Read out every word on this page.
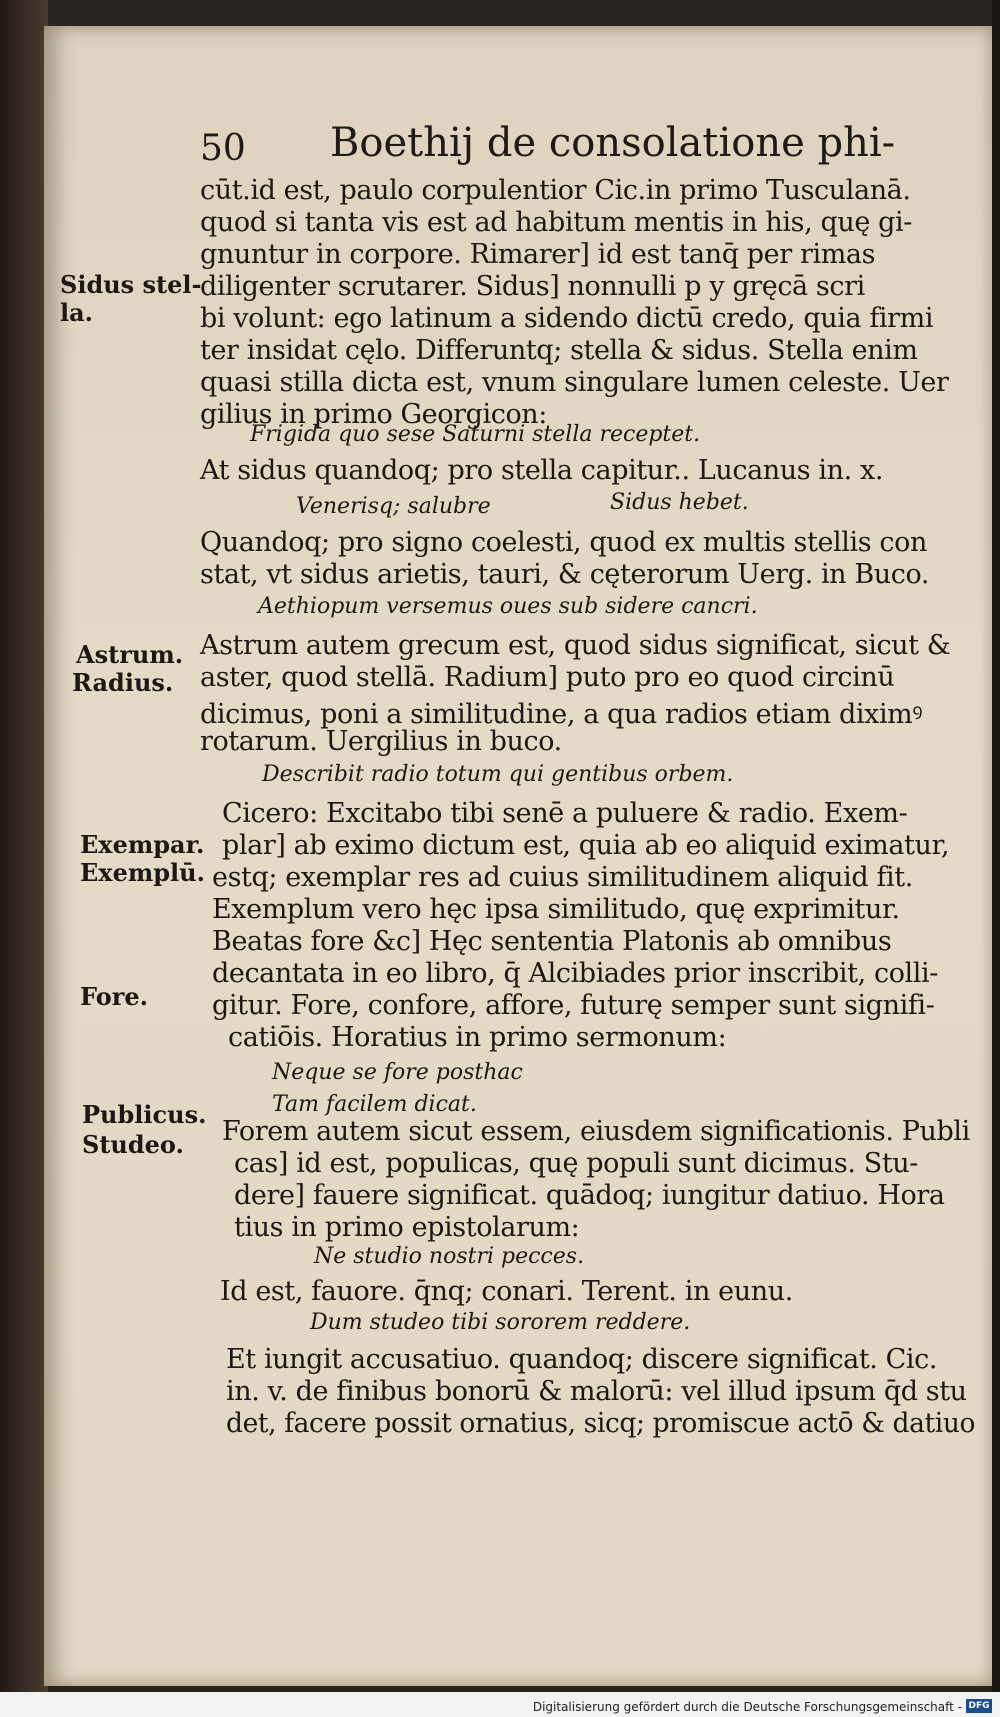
50 Boethij de consolatione phi-
Sidus stel-
la.
Astrum.
Radius.
Exempar.
Exemplū.
Fore.
Publicus.
Studeo.
cūt.id est, paulo corpulentior Cic.in primo Tusculanā.
quod si tanta vis est ad habitum mentis in his, quę gi-
gnuntur in corpore. Rimarer] id est tanq̄ per rimas
diligenter scrutarer. Sidus] nonnulli p y gręcā scri
bi volunt: ego latinum a sidendo dictū credo, quia firmi
ter insidat cęlo. Differuntq; stella & sidus. Stella enim
quasi stilla dicta est, vnum singulare lumen celeste. Uer
gilius in primo Georgicon:
Frigida quo sese Saturni stella receptet.
At sidus quandoq; pro stella capitur.. Lucanus in. x.
Venerisq; salubre	Sidus hebet.
Quandoq; pro signo coelesti, quod ex multis stellis con
stat, vt sidus arietis, tauri, & cęterorum Uerg. in Buco.
Aethiopum versemus oues sub sidere cancri.
Astrum autem grecum est, quod sidus significat, sicut &
aster, quod stellā. Radium] puto pro eo quod circinū
dicimus, poni a similitudine, a qua radios etiam diximꝰ
rotarum. Uergilius in buco.
Describit radio totum qui gentibus orbem.
Cicero: Excitabo tibi senē a puluere & radio. Exem-
plar] ab eximo dictum est, quia ab eo aliquid eximatur,
estq; exemplar res ad cuius similitudinem aliquid fit.
Exemplum vero hęc ipsa similitudo, quę exprimitur.
Beatas fore &c] Hęc sententia Platonis ab omnibus
decantata in eo libro, q̄ Alcibiades prior inscribit, colli-
gitur. Fore, confore, affore, futurę semper sunt signifi-
catiōis. Horatius in primo sermonum:
Neque se fore posthac
Tam facilem dicat.
Forem autem sicut essem, eiusdem significationis. Publi
cas] id est, populicas, quę populi sunt dicimus. Stu-
dere] fauere significat. quādoq; iungitur datiuo. Hora
tius in primo epistolarum:
Ne studio nostri pecces.
Id est, fauore. q̄nq; conari. Terent. in eunu.
Dum studeo tibi sororem reddere.
Et iungit accusatiuo. quandoq; discere significat. Cic.
in. v. de finibus bonorū & malorū: vel illud ipsum q̄d stu
det, facere possit ornatius, sicq; promiscue actō & datiuo
Digitalisierung gefördert durch die Deutsche Forschungsgemeinschaft - DFG
